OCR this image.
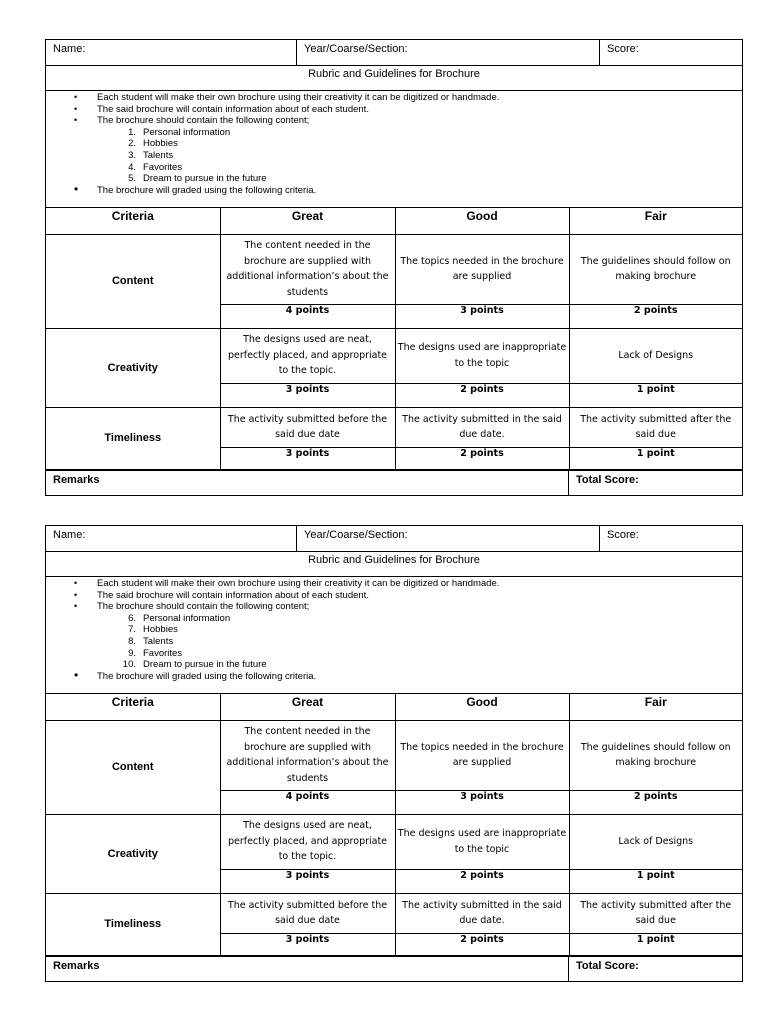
Name:	Year/Coarse/Section:	Score:
Rubric and Guidelines for Brochure
• Each student will make their own brochure using their creativity it can be digitized or handmade.
• The said brochure will contain information about of each student.
• The brochure should contain the following content;
1. Personal information
2. Hobbies
3. Talents
4. Favorites
5. Dream to pursue in the future
• The brochure will graded using the following criteria.
Criteria	Great	Good	Fair
Content	The content needed in the brochure are supplied with additional information’s about the students	The topics needed in the brochure are supplied	The guidelines should follow on making brochure
	4 points	3 points	2 points
Creativity	The designs used are neat, perfectly placed, and appropriate to the topic.	The designs used are inappropriate to the topic	Lack of Designs
	3 points	2 points	1 point
Timeliness	The activity submitted before the said due date	The activity submitted in the said due date.	The activity submitted after the said due
	3 points	2 points	1 point
Remarks	Total Score:
Name:	Year/Coarse/Section:	Score:
Rubric and Guidelines for Brochure
• Each student will make their own brochure using their creativity it can be digitized or handmade.
• The said brochure will contain information about of each student.
• The brochure should contain the following content;
6. Personal information
7. Hobbies
8. Talents
9. Favorites
10. Dream to pursue in the future
• The brochure will graded using the following criteria.
Criteria	Great	Good	Fair
Content	The content needed in the brochure are supplied with additional information’s about the students	The topics needed in the brochure are supplied	The guidelines should follow on making brochure
	4 points	3 points	2 points
Creativity	The designs used are neat, perfectly placed, and appropriate to the topic.	The designs used are inappropriate to the topic	Lack of Designs
	3 points	2 points	1 point
Timeliness	The activity submitted before the said due date	The activity submitted in the said due date.	The activity submitted after the said due
	3 points	2 points	1 point
Remarks	Total Score:
